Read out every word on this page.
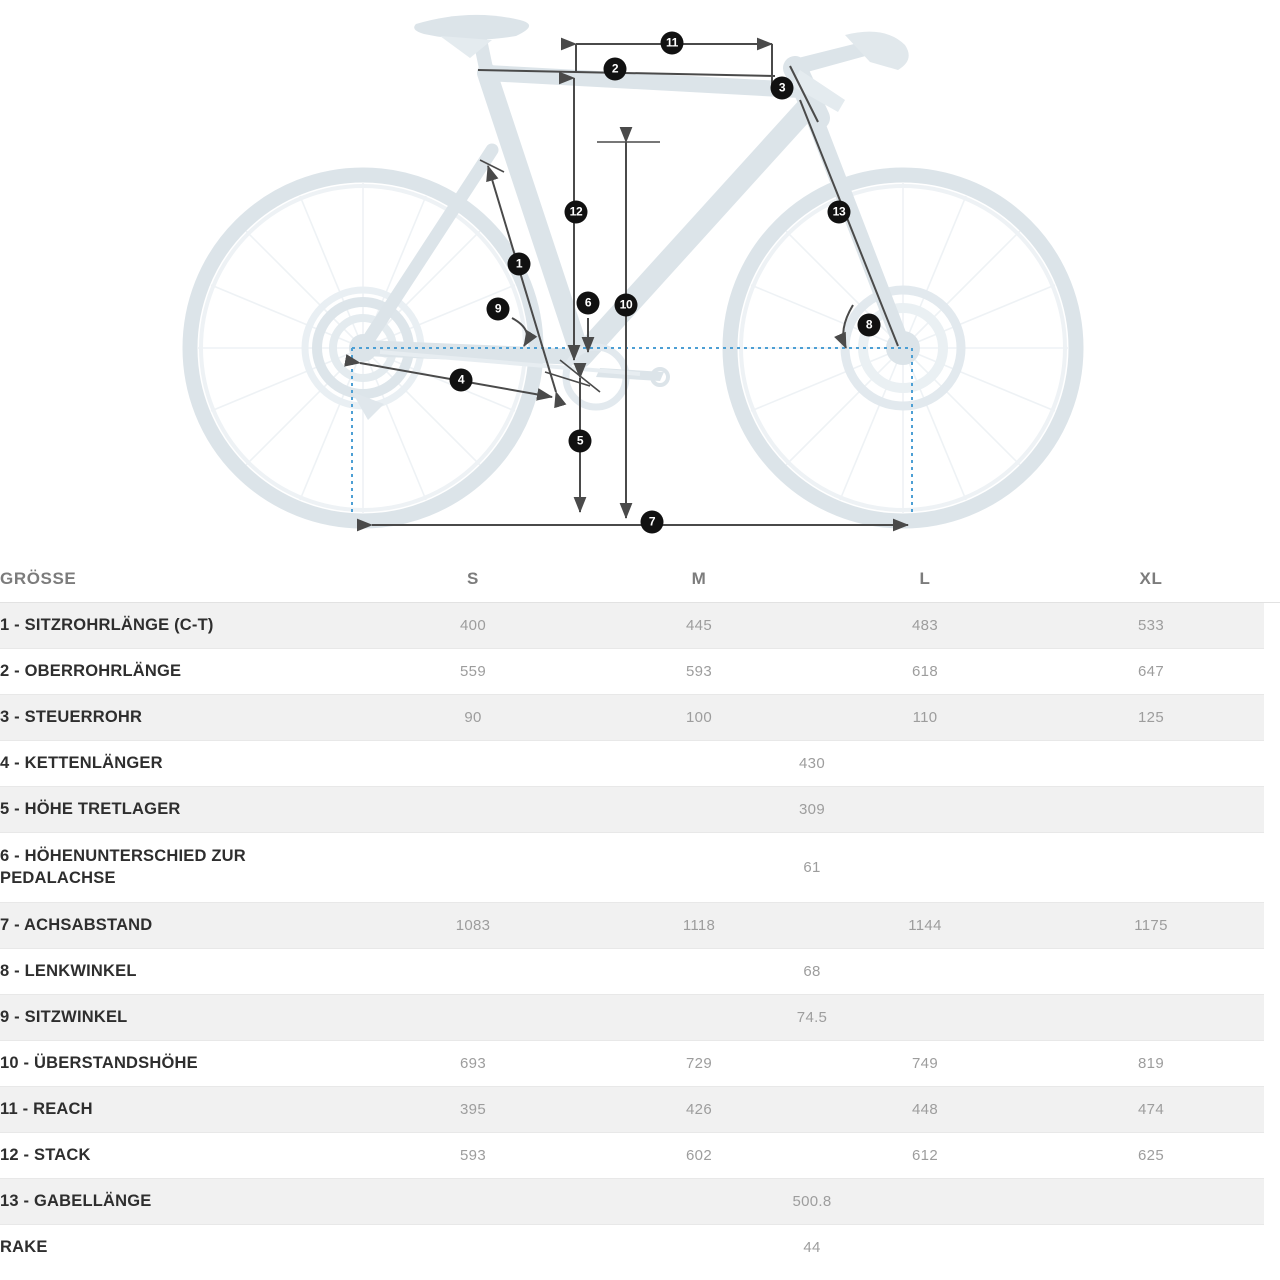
1
2
3
4
5
6
7
8
9	10
11
12	13
GRÖSSE	S	M	L	XL	
1 - SITZROHRLÄNGE (C-T)	400	445	483	533	
2 - OBERROHRLÄNGE	559	593	618	647	
3 - STEUERROHR	90	100	110	125	
4 - KETTENLÄNGER	430				
5 - HÖHE TRETLAGER	309				
6 - HÖHENUNTERSCHIED ZUR PEDALACHSE	61				
7 - ACHSABSTAND	1083	1118	1144	1175	
8 - LENKWINKEL	68				
9 - SITZWINKEL	74.5				
10 - ÜBERSTANDSHÖHE	693	729	749	819	
11 - REACH	395	426	448	474	
12 - STACK	593	602	612	625	
13 - GABELLÄNGE	500.8				
RAKE	44				
